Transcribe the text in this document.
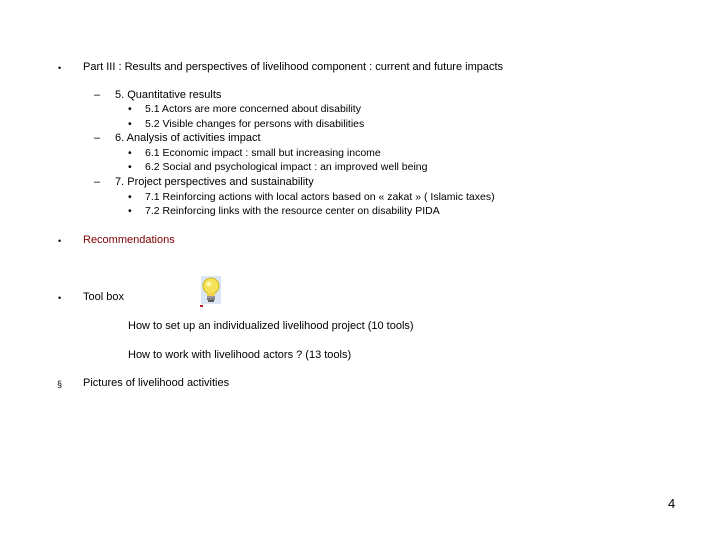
• Part III : Results and perspectives of livelihood component : current and future impacts
– 5. Quantitative results
• 5.1 Actors are more concerned about disability
• 5.2 Visible changes for persons with disabilities
– 6. Analysis of activities impact
• 6.1 Economic impact : small but increasing income
• 6.2 Social and psychological impact : an improved well being
– 7. Project perspectives and sustainability
• 7.1 Reinforcing actions with local actors based on « zakat » ( Islamic taxes)
• 7.2 Reinforcing links with the resource center on disability PIDA
• Recommendations
• Tool box
How to set up an individualized livelihood project (10 tools)
How to work with livelihood actors ? (13 tools)
§ Pictures of livelihood activities
4
